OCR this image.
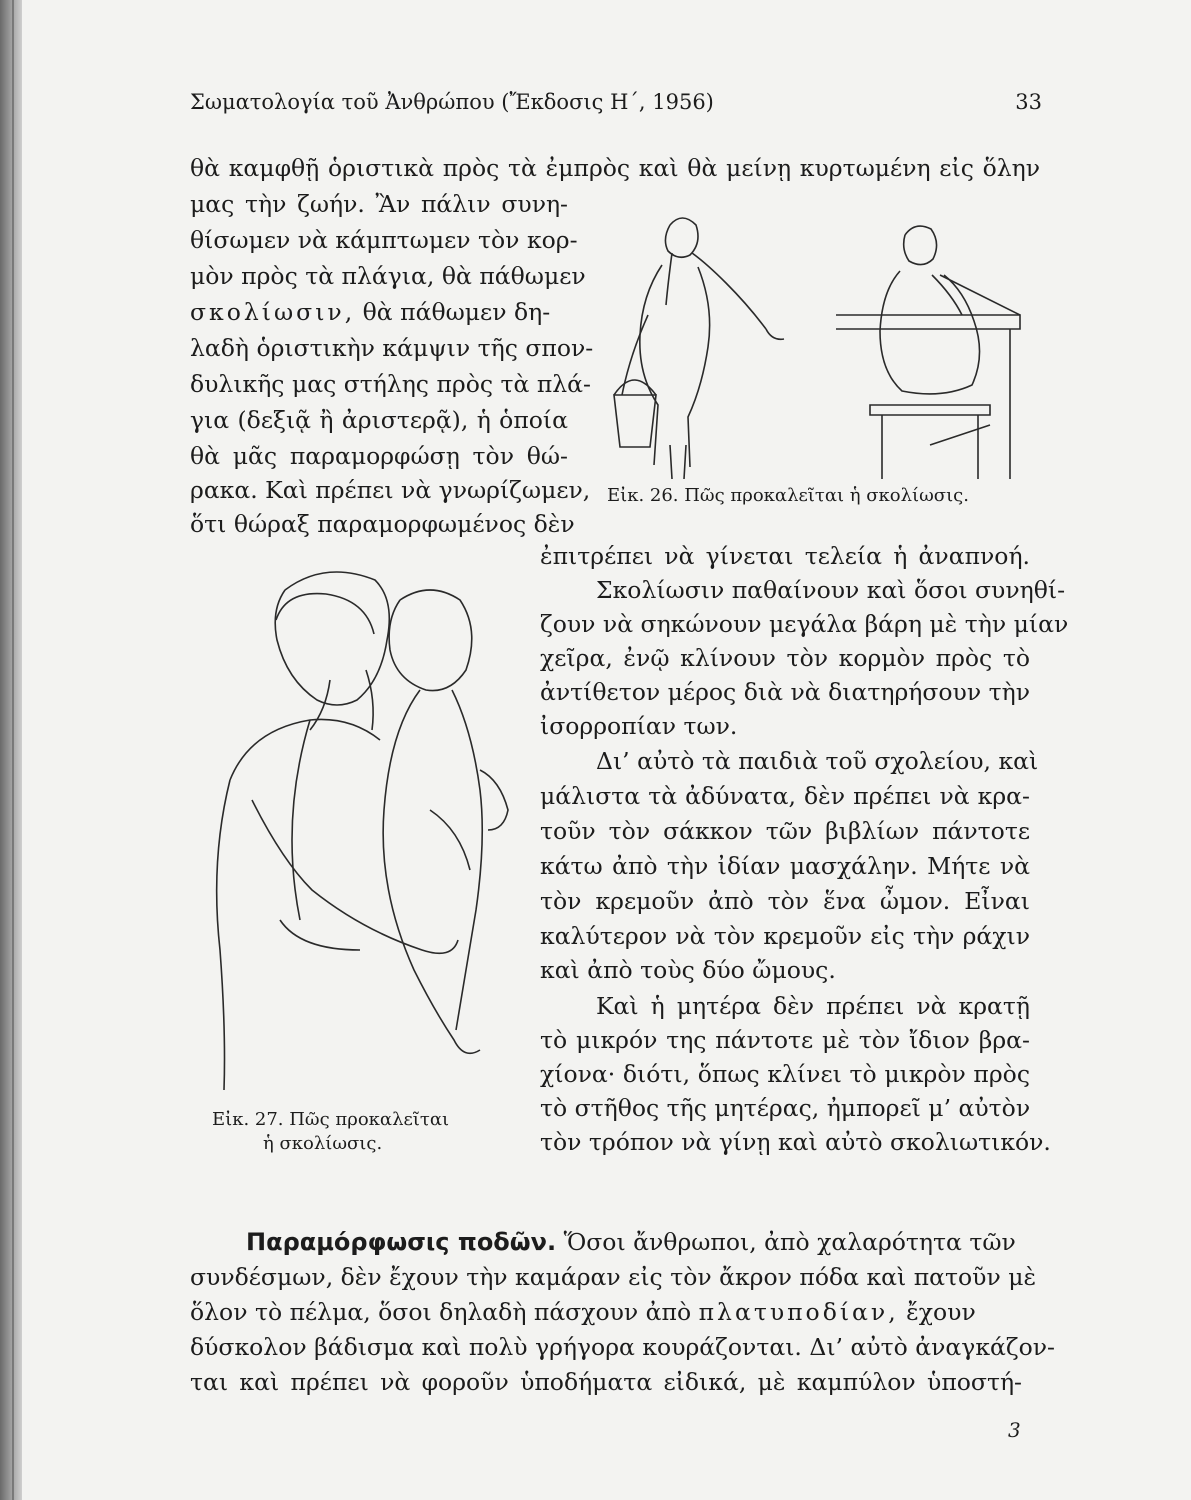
Σωματολογία τοῦ Ἀνθρώπου (Ἔκδοσις Η΄, 1956)	33
θὰ καμφθῇ ὁριστικὰ πρὸς τὰ ἐμπρὸς καὶ θὰ μείνῃ κυρτωμένη εἰς ὅλην
μας τὴν ζωήν. Ἂν πάλιν συνη-
θίσωμεν νὰ κάμπτωμεν τὸν κορ-
μὸν πρὸς τὰ πλάγια, θὰ πάθωμεν
σκολίωσιν, θὰ πάθωμεν δη-
λαδὴ ὁριστικὴν κάμψιν τῆς σπον-
δυλικῆς μας στήλης πρὸς τὰ πλά-
για (δεξιᾷ ἢ ἀριστερᾷ), ἡ ὁποία
θὰ μᾶς παραμορφώσῃ τὸν θώ-
ρακα. Καὶ πρέπει νὰ γνωρίζωμεν,
ὅτι θώραξ παραμορφωμένος δὲν
Εἰκ. 26. Πῶς προκαλεῖται ἡ σκολίωσις.
ἐπιτρέπει νὰ γίνεται τελεία ἡ ἀναπνοή.
Σκολίωσιν παθαίνουν καὶ ὅσοι συνηθί-
ζουν νὰ σηκώνουν μεγάλα βάρη μὲ τὴν μίαν
χεῖρα, ἐνῷ κλίνουν τὸν κορμὸν πρὸς τὸ
ἀντίθετον μέρος διὰ νὰ διατηρήσουν τὴν
ἰσορροπίαν των.
Δι’ αὐτὸ τὰ παιδιὰ τοῦ σχολείου, καὶ
μάλιστα τὰ ἀδύνατα, δὲν πρέπει νὰ κρα-
τοῦν τὸν σάκκον τῶν βιβλίων πάντοτε
κάτω ἀπὸ τὴν ἰδίαν μασχάλην. Μήτε νὰ
τὸν κρεμοῦν ἀπὸ τὸν ἕνα ὦμον. Εἶναι
καλύτερον νὰ τὸν κρεμοῦν εἰς τὴν ράχιν
καὶ ἀπὸ τοὺς δύο ὤμους.
Καὶ ἡ μητέρα δὲν πρέπει νὰ κρατῇ
τὸ μικρόν της πάντοτε μὲ τὸν ἴδιον βρα-
χίονα· διότι, ὅπως κλίνει τὸ μικρὸν πρὸς
τὸ στῆθος τῆς μητέρας, ἠμπορεῖ μ’ αὐτὸν
τὸν τρόπον νὰ γίνῃ καὶ αὐτὸ σκολιωτικόν.
Εἰκ. 27. Πῶς προκαλεῖται
ἡ σκολίωσις.
Παραμόρφωσις ποδῶν. Ὅσοι ἄνθρωποι, ἀπὸ χαλαρότητα τῶν
συνδέσμων, δὲν ἔχουν τὴν καμάραν εἰς τὸν ἄκρον πόδα καὶ πατοῦν μὲ
ὅλον τὸ πέλμα, ὅσοι δηλαδὴ πάσχουν ἀπὸ πλατυποδίαν, ἔχουν
δύσκολον βάδισμα καὶ πολὺ γρήγορα κουράζονται. Δι’ αὐτὸ ἀναγκάζον-
ται καὶ πρέπει νὰ φοροῦν ὑποδήματα εἰδικά, μὲ καμπύλον ὑποστή-
3
